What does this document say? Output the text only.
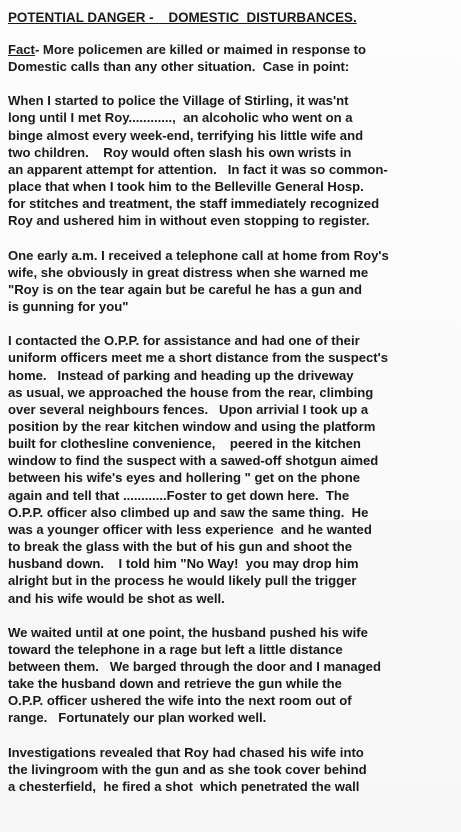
POTENTIAL DANGER -    DOMESTIC  DISTURBANCES.
Fact- More policemen are killed or maimed in response to
Domestic calls than any other situation.  Case in point:
When I started to police the Village of Stirling, it was'nt
long until I met Roy............,  an alcoholic who went on a
binge almost every week-end, terrifying his little wife and
two children.    Roy would often slash his own wrists in
an apparent attempt for attention.   In fact it was so common-
place that when I took him to the Belleville General Hosp.
for stitches and treatment, the staff immediately recognized
Roy and ushered him in without even stopping to register.
One early a.m. I received a telephone call at home from Roy's
wife, she obviously in great distress when she warned me
"Roy is on the tear again but be careful he has a gun and
is gunning for you"
I contacted the O.P.P. for assistance and had one of their
uniform officers meet me a short distance from the suspect's
home.   Instead of parking and heading up the driveway
as usual, we approached the house from the rear, climbing
over several neighbours fences.   Upon arrivial I took up a
position by the rear kitchen window and using the platform
built for clothesline convenience,    peered in the kitchen
window to find the suspect with a sawed-off shotgun aimed
between his wife's eyes and hollering " get on the phone
again and tell that ............Foster to get down here.  The
O.P.P. officer also climbed up and saw the same thing.  He
was a younger officer with less experience  and he wanted
to break the glass with the but of his gun and shoot the
husband down.    I told him "No Way!  you may drop him
alright but in the process he would likely pull the trigger
and his wife would be shot as well.
We waited until at one point, the husband pushed his wife
toward the telephone in a rage but left a little distance
between them.   We barged through the door and I managed
take the husband down and retrieve the gun while the
O.P.P. officer ushered the wife into the next room out of
range.   Fortunately our plan worked well.
Investigations revealed that Roy had chased his wife into
the livingroom with the gun and as she took cover behind
a chesterfield,  he fired a shot  which penetrated the wall
